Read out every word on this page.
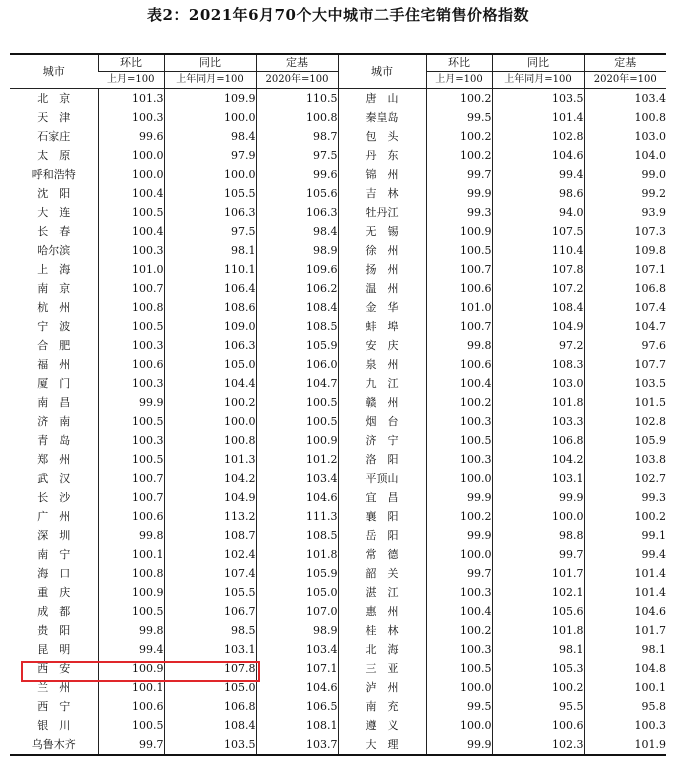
表2：2021年6月70个大中城市二手住宅销售价格指数
城市	环比	同比	定基	城市	环比	同比	定基
	上月=100	上年同月=100	2020年=100		上月=100	上年同月=100	2020年=100
北　京	101.3	109.9	110.5	唐　山	100.2	103.5	103.4
天　津	100.3	100.0	100.8	秦皇岛	99.5	101.4	100.8
石家庄	99.6	98.4	98.7	包　头	100.2	102.8	103.0
太　原	100.0	97.9	97.5	丹　东	100.2	104.6	104.0
呼和浩特	100.0	100.0	99.6	锦　州	99.7	99.4	99.0
沈　阳	100.4	105.5	105.6	吉　林	99.9	98.6	99.2
大　连	100.5	106.3	106.3	牡丹江	99.3	94.0	93.9
长　春	100.4	97.5	98.4	无　锡	100.9	107.5	107.3
哈尔滨	100.3	98.1	98.9	徐　州	100.5	110.4	109.8
上　海	101.0	110.1	109.6	扬　州	100.7	107.8	107.1
南　京	100.7	106.4	106.2	温　州	100.6	107.2	106.8
杭　州	100.8	108.6	108.4	金　华	101.0	108.4	107.4
宁　波	100.5	109.0	108.5	蚌　埠	100.7	104.9	104.7
合　肥	100.3	106.3	105.9	安　庆	99.8	97.2	97.6
福　州	100.6	105.0	106.0	泉　州	100.6	108.3	107.7
厦　门	100.3	104.4	104.7	九　江	100.4	103.0	103.5
南　昌	99.9	100.2	100.5	赣　州	100.2	101.8	101.5
济　南	100.5	100.0	100.5	烟　台	100.3	103.3	102.8
青　岛	100.3	100.8	100.9	济　宁	100.5	106.8	105.9
郑　州	100.5	101.3	101.2	洛　阳	100.3	104.2	103.8
武　汉	100.7	104.2	103.4	平顶山	100.0	103.1	102.7
长　沙	100.7	104.9	104.6	宜　昌	99.9	99.9	99.3
广　州	100.6	113.2	111.3	襄　阳	100.2	100.0	100.2
深　圳	99.8	108.7	108.5	岳　阳	99.9	98.8	99.1
南　宁	100.1	102.4	101.8	常　德	100.0	99.7	99.4
海　口	100.8	107.4	105.9	韶　关	99.7	101.7	101.4
重　庆	100.9	105.5	105.0	湛　江	100.3	102.1	101.4
成　都	100.5	106.7	107.0	惠　州	100.4	105.6	104.6
贵　阳	99.8	98.5	98.9	桂　林	100.2	101.8	101.7
昆　明	99.4	103.1	103.4	北　海	100.3	98.1	98.1
西　安	100.9	107.8	107.1	三　亚	100.5	105.3	104.8
兰　州	100.1	105.0	104.6	泸　州	100.0	100.2	100.1
西　宁	100.6	106.8	106.5	南　充	99.5	95.5	95.8
银　川	100.5	108.4	108.1	遵　义	100.0	100.6	100.3
乌鲁木齐	99.7	103.5	103.7	大　理	99.9	102.3	101.9
